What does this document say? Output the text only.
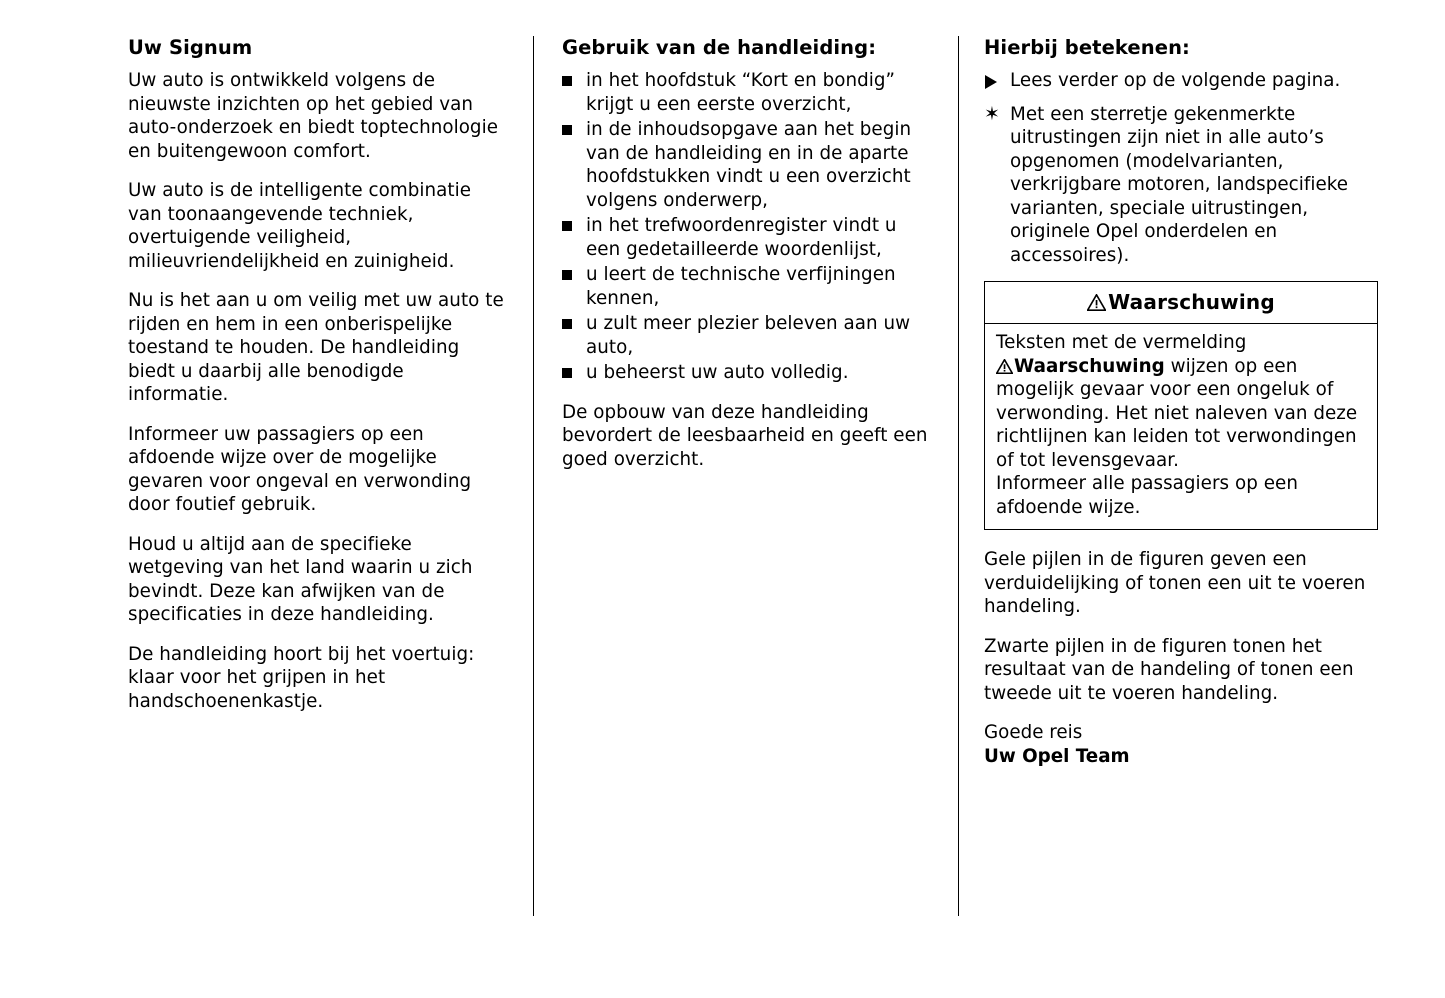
Uw Signum

Uw auto is ontwikkeld volgens de nieuwste inzichten op het gebied van auto-onderzoek en biedt toptechnologie en buitengewoon comfort.

Uw auto is de intelligente combinatie van toonaangevende techniek, overtuigende veiligheid, milieuvriendelijkheid en zuinigheid.

Nu is het aan u om veilig met uw auto te rijden en hem in een onberispelijke toestand te houden. De handleiding biedt u daarbij alle benodigde informatie.

Informeer uw passagiers op een afdoende wijze over de mogelijke gevaren voor ongeval en verwonding door foutief gebruik.

Houd u altijd aan de specifieke wetgeving van het land waarin u zich bevindt. Deze kan afwijken van de specificaties in deze handleiding.

De handleiding hoort bij het voertuig: klaar voor het grijpen in het handschoenenkastje.

Gebruik van de handleiding:
in het hoofdstuk “Kort en bondig” krijgt u een eerste overzicht,
in de inhoudsopgave aan het begin van de handleiding en in de aparte hoofdstukken vindt u een overzicht volgens onderwerp,
in het trefwoordenregister vindt u een gedetailleerde woordenlijst,
u leert de technische verfijningen kennen,
u zult meer plezier beleven aan uw auto,
u beheerst uw auto volledig.

De opbouw van deze handleiding bevordert de leesbaarheid en geeft een goed overzicht.

Hierbij betekenen:
Lees verder op de volgende pagina.
✶ Met een sterretje gekenmerkte uitrustingen zijn niet in alle auto’s opgenomen (modelvarianten, verkrijgbare motoren, landspecifieke varianten, speciale uitrustingen, originele Opel onderdelen en accessoires).
Waarschuwing

Teksten met de vermelding
Waarschuwing wijzen op een mogelijk gevaar voor een ongeluk of verwonding. Het niet naleven van deze richtlijnen kan leiden tot verwondingen of tot levensgevaar.

Informeer alle passagiers op een afdoende wijze.

Gele pijlen in de figuren geven een verduidelijking of tonen een uit te voeren handeling.

Zwarte pijlen in de figuren tonen het resultaat van de handeling of tonen een tweede uit te voeren handeling.

Goede reis
Uw Opel Team
